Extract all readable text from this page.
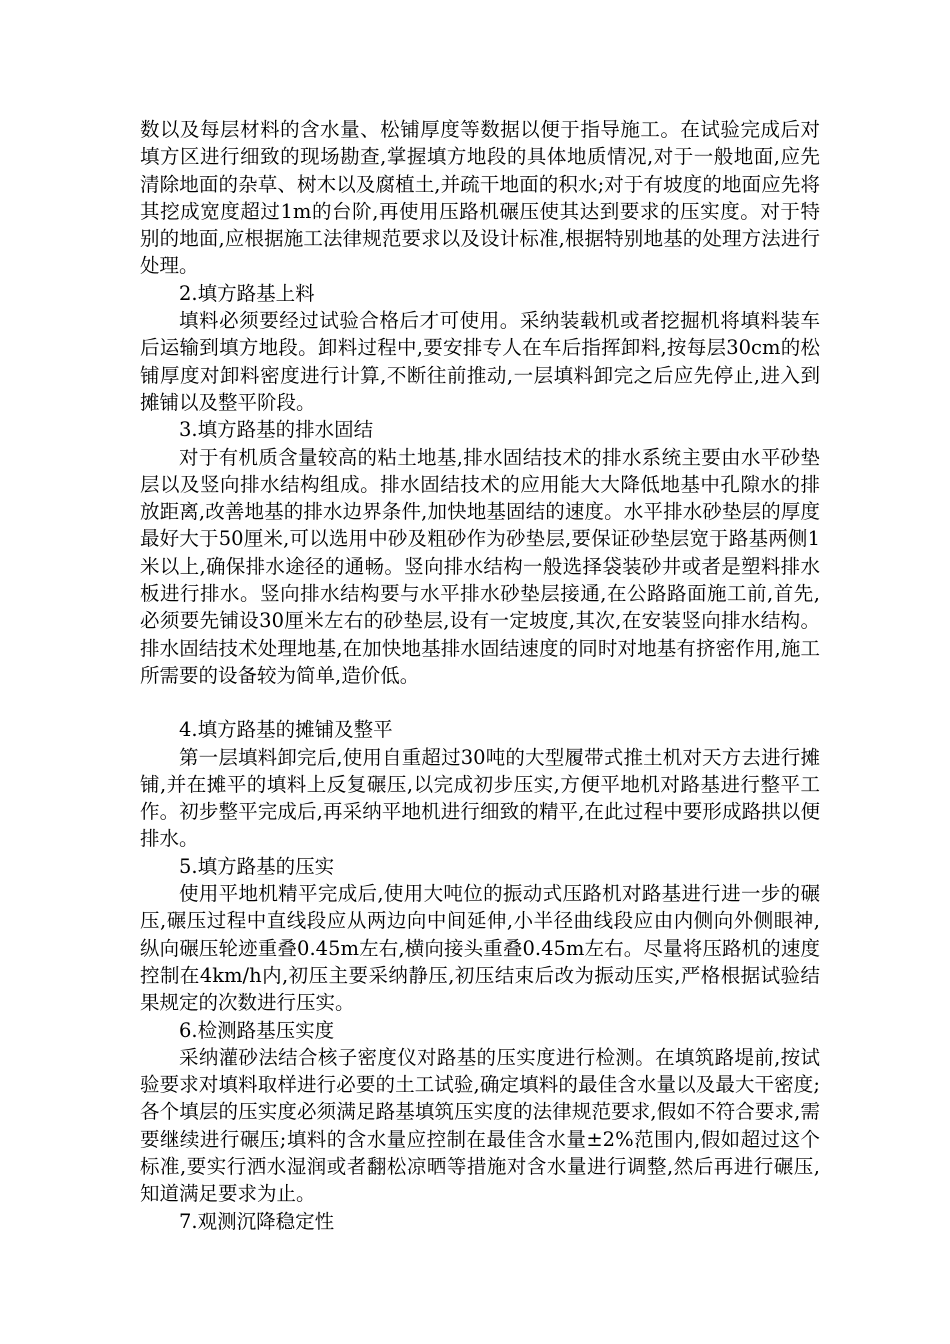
数以及每层材料的含水量、松铺厚度等数据以便于指导施工。在试验完成后对填方区进行细致的现场勘查,掌握填方地段的具体地质情况,对于一般地面,应先清除地面的杂草、树木以及腐植土,并疏干地面的积水;对于有坡度的地面应先将其挖成宽度超过1m的台阶,再使用压路机碾压使其达到要求的压实度。对于特别的地面,应根据施工法律规范要求以及设计标准,根据特别地基的处理方法进行处理。

2.填方路基上料

填料必须要经过试验合格后才可使用。采纳装载机或者挖掘机将填料装车后运输到填方地段。卸料过程中,要安排专人在车后指挥卸料,按每层30cm的松铺厚度对卸料密度进行计算,不断往前推动,一层填料卸完之后应先停止,进入到摊铺以及整平阶段。

3.填方路基的排水固结

对于有机质含量较高的粘土地基,排水固结技术的排水系统主要由水平砂垫层以及竖向排水结构组成。排水固结技术的应用能大大降低地基中孔隙水的排放距离,改善地基的排水边界条件,加快地基固结的速度。水平排水砂垫层的厚度最好大于50厘米,可以选用中砂及粗砂作为砂垫层,要保证砂垫层宽于路基两侧1米以上,确保排水途径的通畅。竖向排水结构一般选择袋装砂井或者是塑料排水板进行排水。竖向排水结构要与水平排水砂垫层接通,在公路路面施工前,首先,必须要先铺设30厘米左右的砂垫层,设有一定坡度,其次,在安装竖向排水结构。排水固结技术处理地基,在加快地基排水固结速度的同时对地基有挤密作用,施工所需要的设备较为简单,造价低。

4.填方路基的摊铺及整平

第一层填料卸完后,使用自重超过30吨的大型履带式推土机对天方去进行摊铺,并在摊平的填料上反复碾压,以完成初步压实,方便平地机对路基进行整平工作。初步整平完成后,再采纳平地机进行细致的精平,在此过程中要形成路拱以便排水。

5.填方路基的压实

使用平地机精平完成后,使用大吨位的振动式压路机对路基进行进一步的碾压,碾压过程中直线段应从两边向中间延伸,小半径曲线段应由内侧向外侧眼神,纵向碾压轮迹重叠0.45m左右,横向接头重叠0.45m左右。尽量将压路机的速度控制在4km/h内,初压主要采纳静压,初压结束后改为振动压实,严格根据试验结果规定的次数进行压实。

6.检测路基压实度

采纳灌砂法结合核子密度仪对路基的压实度进行检测。在填筑路堤前,按试验要求对填料取样进行必要的土工试验,确定填料的最佳含水量以及最大干密度;各个填层的压实度必须满足路基填筑压实度的法律规范要求,假如不符合要求,需要继续进行碾压;填料的含水量应控制在最佳含水量±2%范围内,假如超过这个标准,要实行洒水湿润或者翻松凉晒等措施对含水量进行调整,然后再进行碾压,知道满足要求为止。

7.观测沉降稳定性
